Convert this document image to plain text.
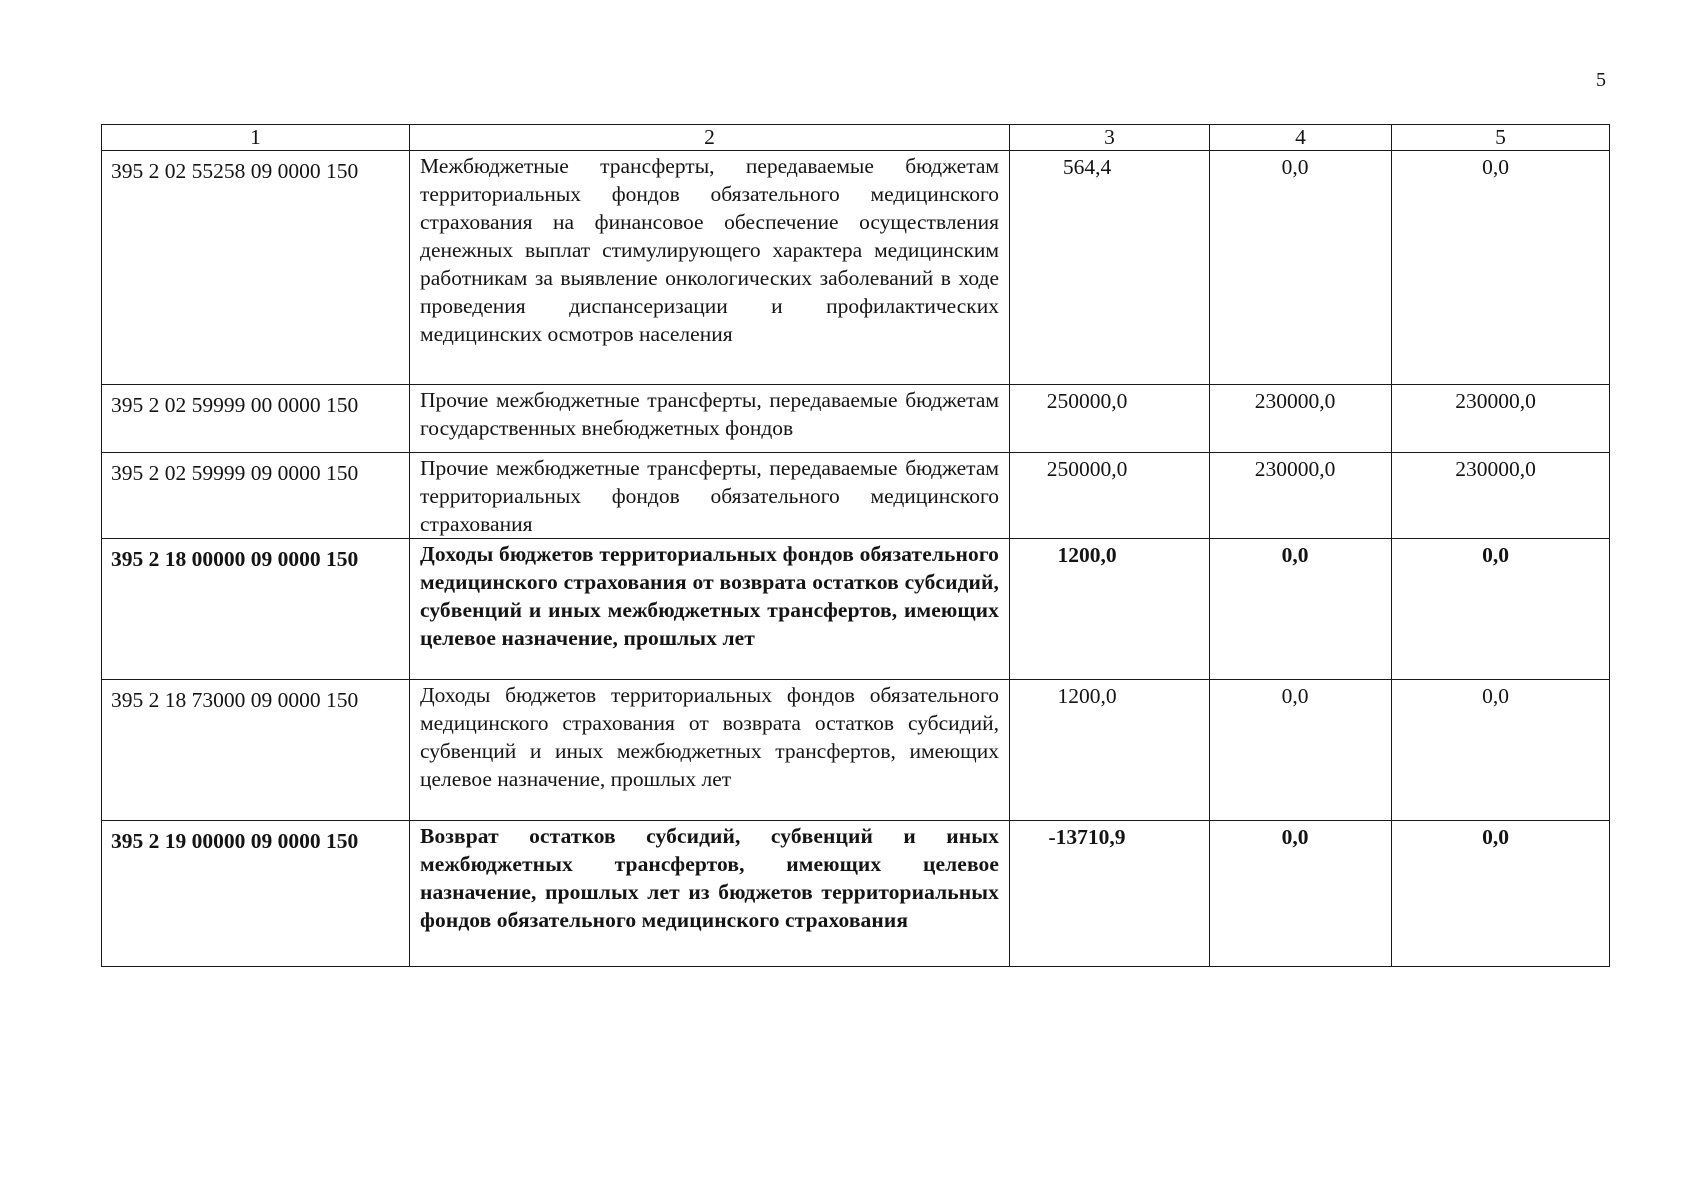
5
1	2	3	4	5
395 2 02 55258 09 0000 150	Межбюджетные трансферты, передаваемые бюджетам территориальных фондов обязательного медицинского страхования на финансовое обеспечение осуществления денежных выплат стимулирующего характера медицинским работникам за выявление онкологических заболеваний в ходе проведения диспансеризации и профилактических медицинских осмотров населения	564,4	0,0	0,0
395 2 02 59999 00 0000 150	Прочие межбюджетные трансферты, передаваемые бюджетам государственных внебюджетных фондов	250000,0	230000,0	230000,0
395 2 02 59999 09 0000 150	Прочие межбюджетные трансферты, передаваемые бюджетам территориальных фондов обязательного медицинского страхования	250000,0	230000,0	230000,0
395 2 18 00000 09 0000 150	Доходы бюджетов территориальных фондов обязательного медицинского страхования от возврата остатков субсидий, субвенций и иных межбюджетных трансфертов, имеющих целевое назначение, прошлых лет	1200,0	0,0	0,0
395 2 18 73000 09 0000 150	Доходы бюджетов территориальных фондов обязательного медицинского страхования от возврата остатков субсидий, субвенций и иных межбюджетных трансфертов, имеющих целевое назначение, прошлых лет	1200,0	0,0	0,0
395 2 19 00000 09 0000 150	Возврат остатков субсидий, субвенций и иных межбюджетных трансфертов, имеющих целевое назначение, прошлых лет из бюджетов территориальных фондов обязательного медицинского страхования	-13710,9	0,0	0,0
